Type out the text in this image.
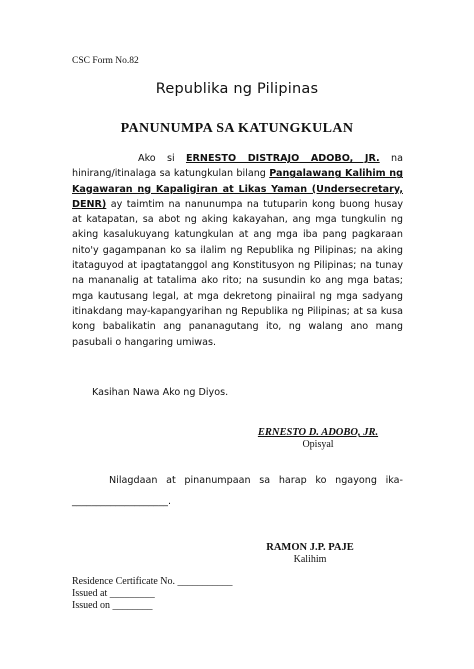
CSC Form No.82
Republika ng Pilipinas
PANUNUMPA SA KATUNGKULAN

Ako si ERNESTO DISTRAJO ADOBO, JR. na hinirang/itinalaga sa katungkulan bilang Pangalawang Kalihim ng Kagawaran ng Kapaligiran at Likas Yaman (Undersecretary, DENR) ay taimtim na nanunumpa na tutuparin kong buong husay at katapatan, sa abot ng aking kakayahan, ang mga tungkulin ng aking kasalukuyang katungkulan at ang mga iba pang pagkaraan nito'y gagampanan ko sa ilalim ng Republika ng Pilipinas; na aking itataguyod at ipagtatanggol ang Konstitusyon ng Pilipinas; na tunay na mananalig at tatalima ako rito; na susundin ko ang mga batas; mga kautusang legal, at mga dekretong pinaiiral ng mga sadyang itinakdang may-kapangyarihan ng Republika ng Pilipinas; at sa kusa kong babalikatin ang pananagutang ito, ng walang ano mang pasubali o hangaring umiwas.

Kasihan Nawa Ako ng Diyos.
ERNESTO D. ADOBO, JR.
Opisyal

Nilagdaan at pinanumpaan sa harap ko ngayong ika-____________________.

RAMON J.P. PAJE
Kalihim
Residence Certificate No. ___________
Issued at _________
Issued on ________
